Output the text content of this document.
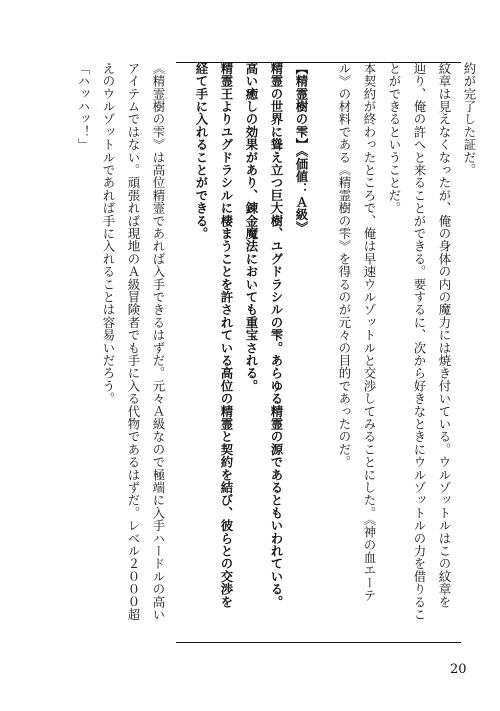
約が完了した証だ。
紋章は見えなくなったが、俺の身体の内の魔力には焼き付いている。ウルゾットルはこの紋章を
辿り、俺の許へと来ることができる。要するに、次から好きなときにウルゾットルの力を借りるこ
とができるということだ。
本契約が終わったところで、俺は早速ウルゾットルと交渉してみることにした。《神の血エーテ
ル》の材料である《精霊樹の雫》を得るのが元々の目的であったのだ。
【精霊樹の雫】《価値：Ａ級》
精霊の世界に聳え立つ巨大樹、ユグドラシルの雫。あらゆる精霊の源であるともいわれている。
高い癒しの効果があり、錬金魔法においても重宝される。
精霊王よりユグドラシルに棲まうことを許されている高位の精霊と契約を結び、彼らとの交渉を
経て手に入れることができる。
《精霊樹の雫》は高位精霊であれば入手できるはずだ。元々Ａ級なので極端に入手ハードルの高い
アイテムではない。頑張れば現地のＡ級冒険者でも手に入る代物であるはずだ。レベル２０００超
えのウルゾットルであれば手に入れることは容易いだろう。
「ハッハッ！」
20
